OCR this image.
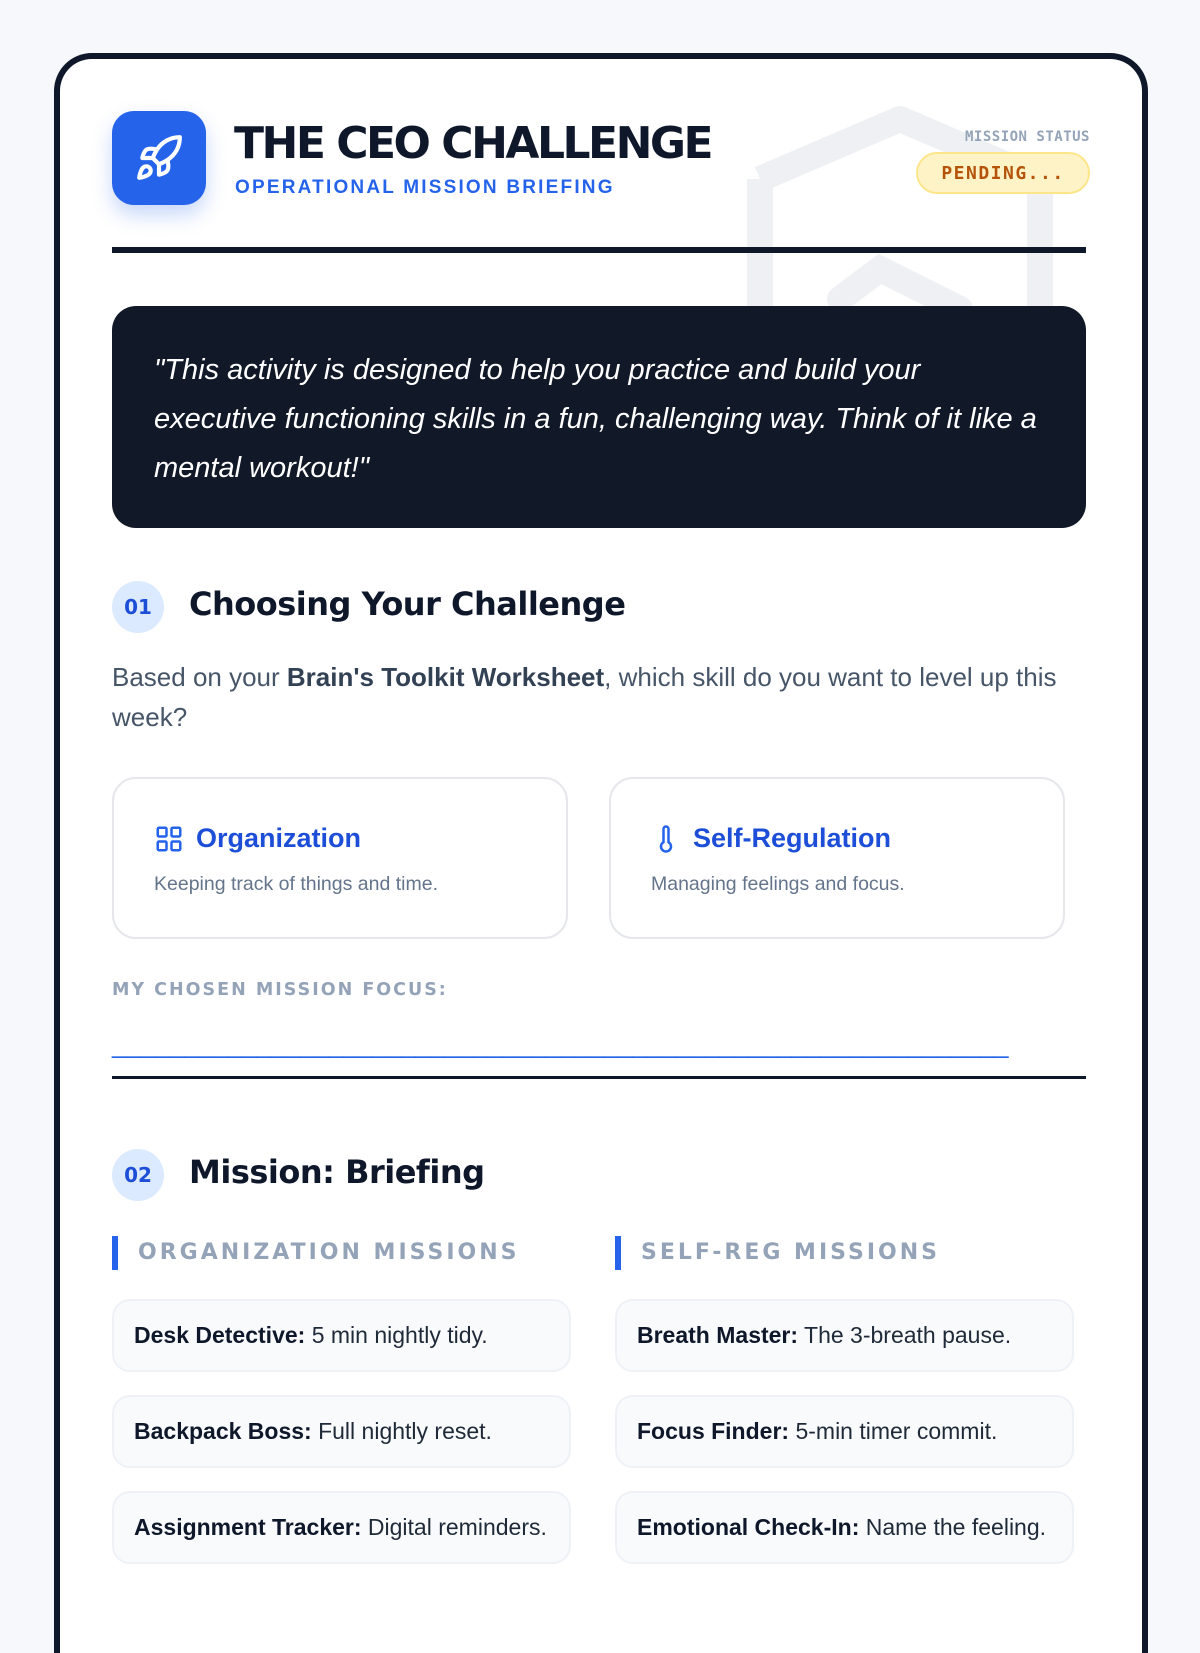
THE CEO CHALLENGE
OPERATIONAL MISSION BRIEFING
MISSION STATUS
PENDING...
"This activity is designed to help you practice and build your executive functioning skills in a fun, challenging way. Think of it like a mental workout!"
01	Choosing Your Challenge
Based on your Brain's Toolkit Worksheet, which skill do you want to level up this week?
Organization
Keeping track of things and time.
Self-Regulation
Managing feelings and focus.
MY CHOSEN MISSION FOCUS:
______________________________________________________________
02	Mission: Briefing
ORGANIZATION MISSIONS	SELF-REG MISSIONS
Desk Detective: 5 min nightly tidy.
Backpack Boss: Full nightly reset.
Assignment Tracker: Digital reminders.
Breath Master: The 3-breath pause.
Focus Finder: 5-min timer commit.
Emotional Check-In: Name the feeling.
